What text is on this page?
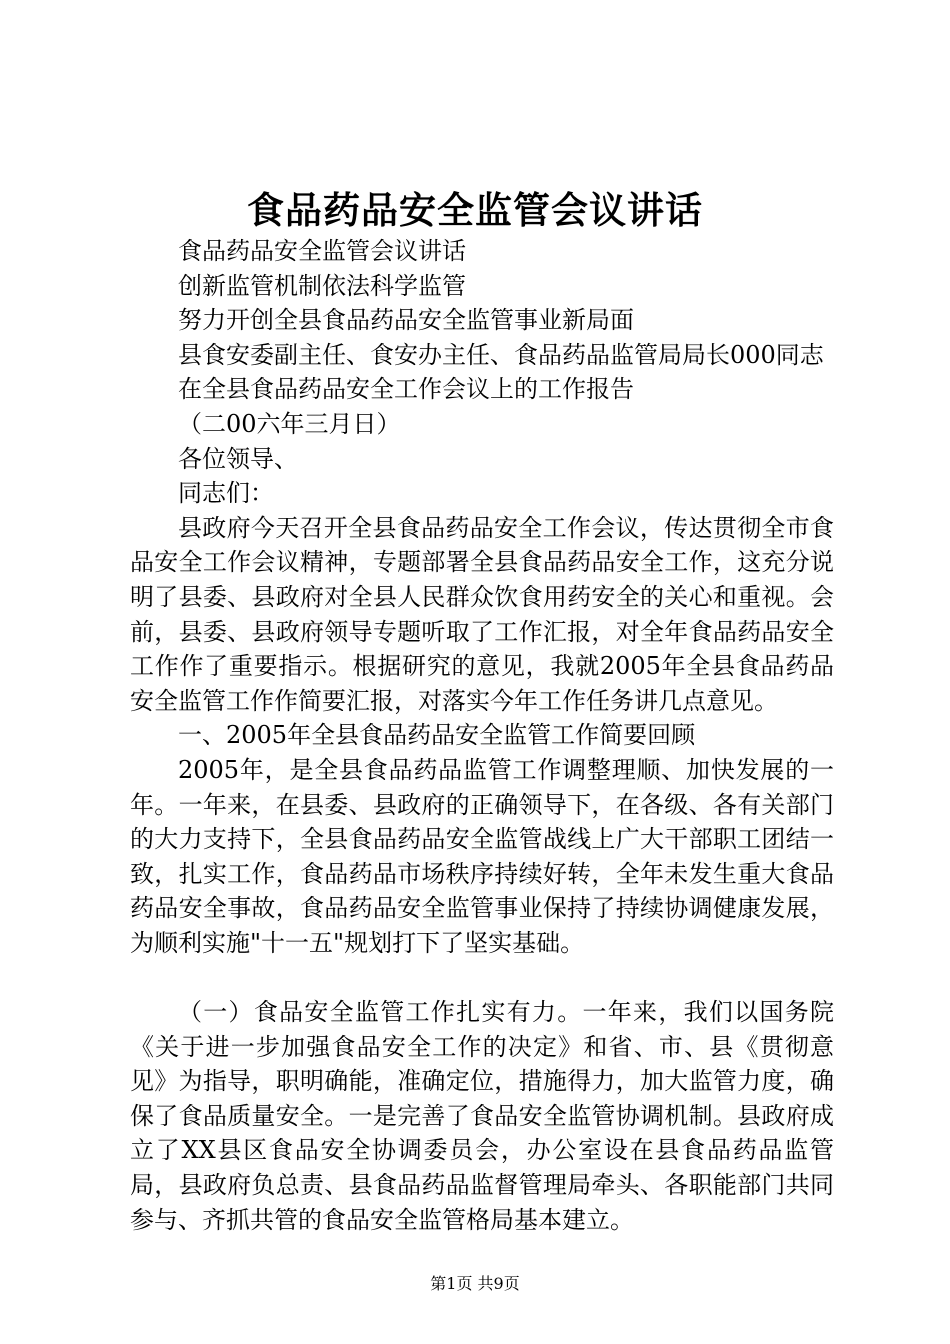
食品药品安全监管会议讲话

食品药品安全监管会议讲话

创新监管机制依法科学监管

努力开创全县食品药品安全监管事业新局面

县食安委副主任、食安办主任、食品药品监管局局长000同志

在全县食品药品安全工作会议上的工作报告

（二00六年三月日）

各位领导、

同志们：

县政府今天召开全县食品药品安全工作会议，传达贯彻全市食品安全工作会议精神，专题部署全县食品药品安全工作，这充分说明了县委、县政府对全县人民群众饮食用药安全的关心和重视。会前，县委、县政府领导专题听取了工作汇报，对全年食品药品安全工作作了重要指示。根据研究的意见，我就2005年全县食品药品安全监管工作作简要汇报，对落实今年工作任务讲几点意见。

一、2005年全县食品药品安全监管工作简要回顾

2005年，是全县食品药品监管工作调整理顺、加快发展的一年。一年来，在县委、县政府的正确领导下，在各级、各有关部门的大力支持下，全县食品药品安全监管战线上广大干部职工团结一致，扎实工作，食品药品市场秩序持续好转，全年未发生重大食品药品安全事故，食品药品安全监管事业保持了持续协调健康发展，为顺利实施"十一五"规划打下了坚实基础。

（一）食品安全监管工作扎实有力。一年来，我们以国务院《关于进一步加强食品安全工作的决定》和省、市、县《贯彻意见》为指导，职明确能，准确定位，措施得力，加大监管力度，确保了食品质量安全。一是完善了食品安全监管协调机制。县政府成立了XX县区食品安全协调委员会，办公室设在县食品药品监管局，县政府负总责、县食品药品监督管理局牵头、各职能部门共同参与、齐抓共管的食品安全监管格局基本建立。

第1页 共9页
